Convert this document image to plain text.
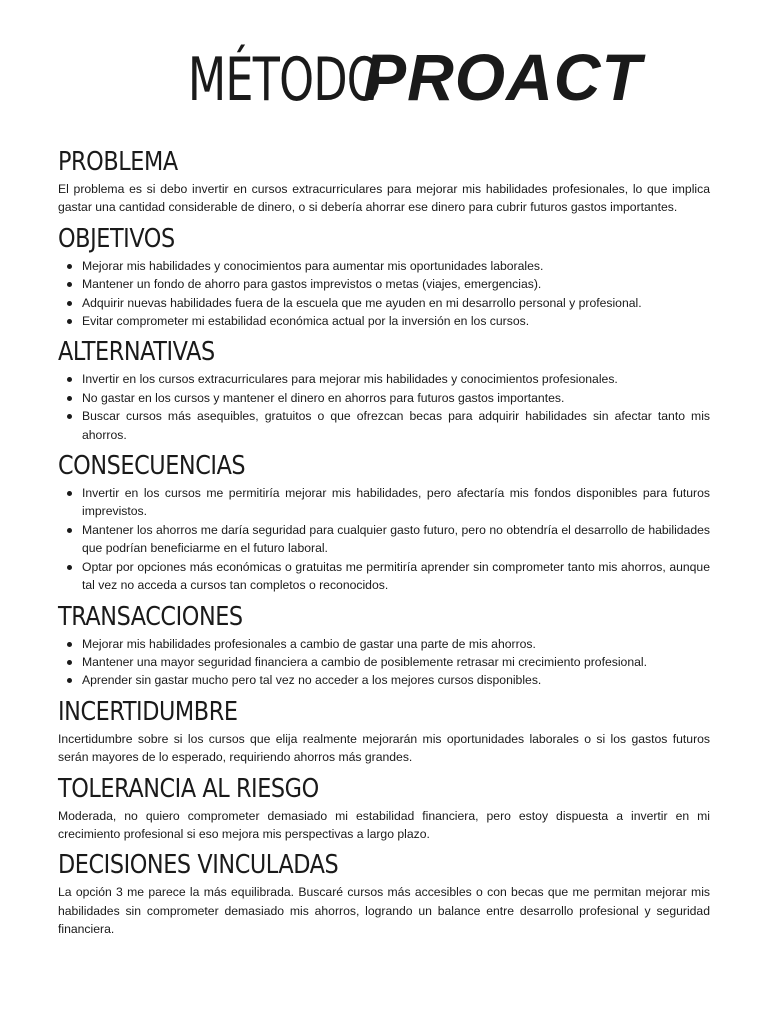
MÉTODO PROACT
PROBLEMA

El problema es si debo invertir en cursos extracurriculares para mejorar mis habilidades profesionales, lo que implica gastar una cantidad considerable de dinero, o si debería ahorrar ese dinero para cubrir futuros gastos importantes.

OBJETIVOS
Mejorar mis habilidades y conocimientos para aumentar mis oportunidades laborales.
Mantener un fondo de ahorro para gastos imprevistos o metas (viajes, emergencias).
Adquirir nuevas habilidades fuera de la escuela que me ayuden en mi desarrollo personal y profesional.
Evitar comprometer mi estabilidad económica actual por la inversión en los cursos.
ALTERNATIVAS
Invertir en los cursos extracurriculares para mejorar mis habilidades y conocimientos profesionales.
No gastar en los cursos y mantener el dinero en ahorros para futuros gastos importantes.
Buscar cursos más asequibles, gratuitos o que ofrezcan becas para adquirir habilidades sin afectar tanto mis ahorros.
CONSECUENCIAS
Invertir en los cursos me permitiría mejorar mis habilidades, pero afectaría mis fondos disponibles para futuros imprevistos.
Mantener los ahorros me daría seguridad para cualquier gasto futuro, pero no obtendría el desarrollo de habilidades que podrían beneficiarme en el futuro laboral.
Optar por opciones más económicas o gratuitas me permitiría aprender sin comprometer tanto mis ahorros, aunque tal vez no acceda a cursos tan completos o reconocidos.
TRANSACCIONES
Mejorar mis habilidades profesionales a cambio de gastar una parte de mis ahorros.
Mantener una mayor seguridad financiera a cambio de posiblemente retrasar mi crecimiento profesional.
Aprender sin gastar mucho pero tal vez no acceder a los mejores cursos disponibles.
INCERTIDUMBRE

Incertidumbre sobre si los cursos que elija realmente mejorarán mis oportunidades laborales o si los gastos futuros serán mayores de lo esperado, requiriendo ahorros más grandes.

TOLERANCIA AL RIESGO

Moderada, no quiero comprometer demasiado mi estabilidad financiera, pero estoy dispuesta a invertir en mi crecimiento profesional si eso mejora mis perspectivas a largo plazo.

DECISIONES VINCULADAS

La opción 3 me parece la más equilibrada. Buscaré cursos más accesibles o con becas que me permitan mejorar mis habilidades sin comprometer demasiado mis ahorros, logrando un balance entre desarrollo profesional y seguridad financiera.
